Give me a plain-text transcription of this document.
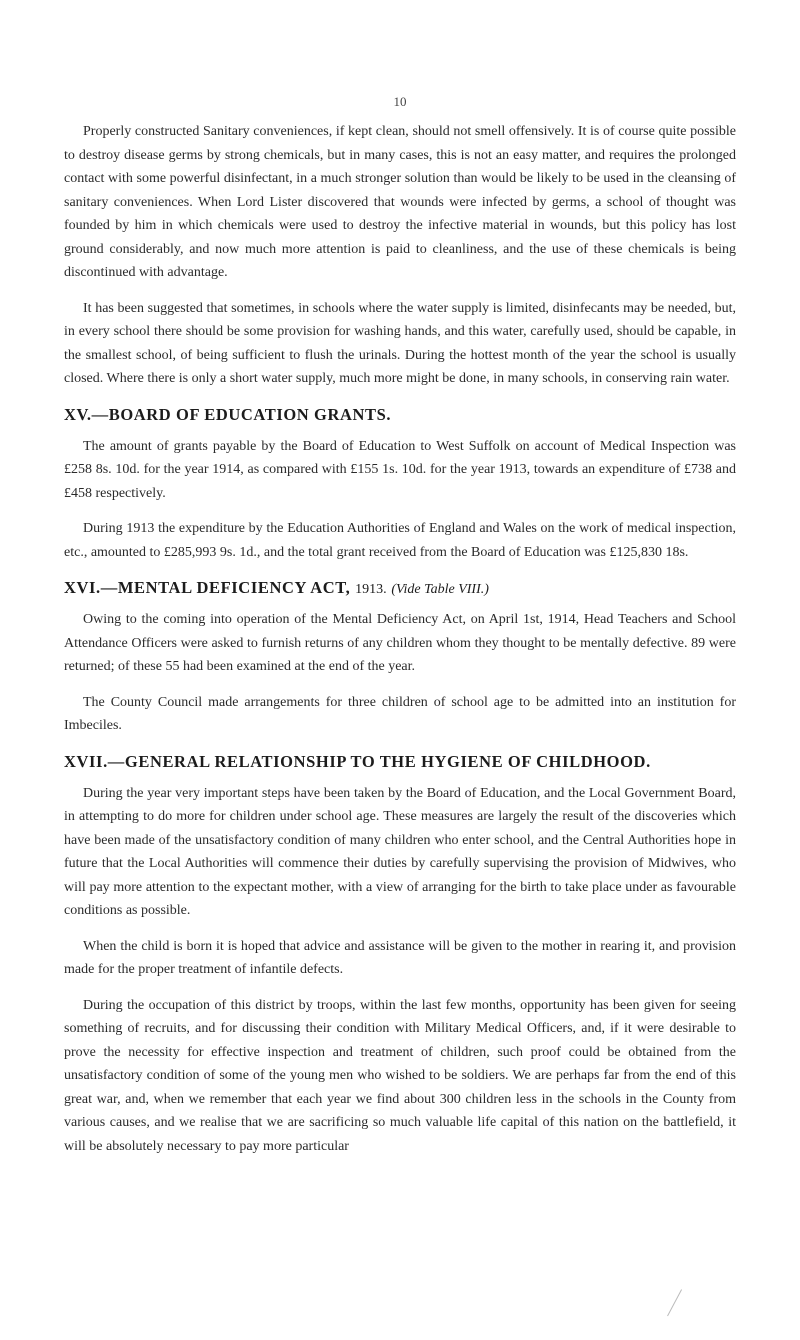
10

Properly constructed Sanitary conveniences, if kept clean, should not smell offensively. It is of course quite possible to destroy disease germs by strong chemicals, but in many cases, this is not an easy matter, and requires the prolonged contact with some powerful disinfectant, in a much stronger solution than would be likely to be used in the cleansing of sanitary conveniences. When Lord Lister discovered that wounds were infected by germs, a school of thought was founded by him in which chemicals were used to destroy the infective material in wounds, but this policy has lost ground considerably, and now much more attention is paid to cleanliness, and the use of these chemicals is being discontinued with advantage.

It has been suggested that sometimes, in schools where the water supply is limited, disinfecants may be needed, but, in every school there should be some provision for washing hands, and this water, carefully used, should be capable, in the smallest school, of being sufficient to flush the urinals. During the hottest month of the year the school is usually closed. Where there is only a short water supply, much more might be done, in many schools, in conserving rain water.

XV.—BOARD OF EDUCATION GRANTS.

The amount of grants payable by the Board of Education to West Suffolk on account of Medical Inspection was £258 8s. 10d. for the year 1914, as compared with £155 1s. 10d. for the year 1913, towards an expenditure of £738 and £458 respectively.

During 1913 the expenditure by the Education Authorities of England and Wales on the work of medical inspection, etc., amounted to £285,993 9s. 1d., and the total grant received from the Board of Education was £125,830 18s.

XVI.—MENTAL DEFICIENCY ACT, 1913. (Vide Table VIII.)

Owing to the coming into operation of the Mental Deficiency Act, on April 1st, 1914, Head Teachers and School Attendance Officers were asked to furnish returns of any children whom they thought to be mentally defective. 89 were returned; of these 55 had been examined at the end of the year.

The County Council made arrangements for three children of school age to be admitted into an institution for Imbeciles.

XVII.—GENERAL RELATIONSHIP TO THE HYGIENE OF CHILDHOOD.

During the year very important steps have been taken by the Board of Education, and the Local Government Board, in attempting to do more for children under school age. These measures are largely the result of the discoveries which have been made of the unsatisfactory condition of many children who enter school, and the Central Authorities hope in future that the Local Authorities will commence their duties by carefully supervising the provision of Midwives, who will pay more attention to the expectant mother, with a view of arranging for the birth to take place under as favourable conditions as possible.

When the child is born it is hoped that advice and assistance will be given to the mother in rearing it, and provision made for the proper treatment of infantile defects.

During the occupation of this district by troops, within the last few months, opportunity has been given for seeing something of recruits, and for discussing their condition with Military Medical Officers, and, if it were desirable to prove the necessity for effective inspection and treatment of children, such proof could be obtained from the unsatisfactory condition of some of the young men who wished to be soldiers. We are perhaps far from the end of this great war, and, when we remember that each year we find about 300 children less in the schools in the County from various causes, and we realise that we are sacrificing so much valuable life capital of this nation on the battlefield, it will be absolutely necessary to pay more particular
